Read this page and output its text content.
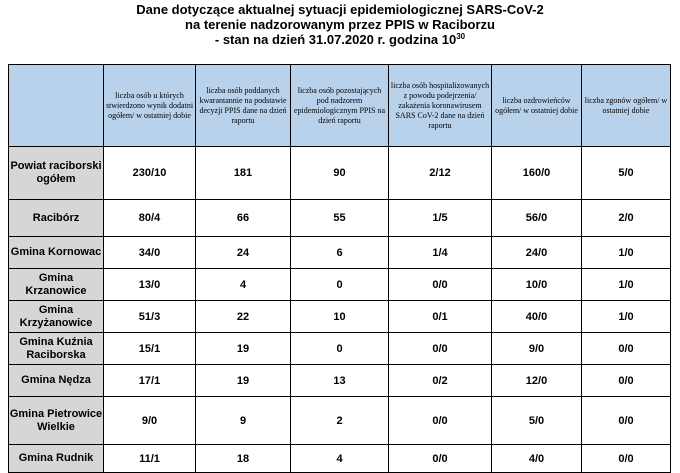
Dane dotyczące aktualnej sytuacji epidemiologicznej SARS-CoV-2
na terenie nadzorowanym przez PPIS w Raciborzu
- stan na dzień 31.07.2020 r. godzina $10^{30}$
	liczba osób u których stwierdzono wynik dodatni ogółem/ w ostatniej dobie	liczba osób poddanych kwarantannie na podstawie decyzji PPIS dane na dzień raportu	liczba osób pozostających pod nadzorem epidemiologicznym PPIS na dzień raportu	liczba osób hospitalizowanych z powodu podejrzenia/ zakażenia koronawirusem SARS CoV-2 dane na dzień raportu	liczba ozdrowieńców ogółem/ w ostatniej dobie	liczba zgonów ogółem/ w ostatniej dobie
Powiat raciborski ogółem	230/10	181	90	2/12	160/0	5/0
Racibórz	80/4	66	55	1/5	56/0	2/0
Gmina Kornowac	34/0	24	6	1/4	24/0	1/0
Gmina Krzanowice	13/0	4	0	0/0	10/0	1/0
Gmina Krzyżanowice	51/3	22	10	0/1	40/0	1/0
Gmina Kuźnia Raciborska	15/1	19	0	0/0	9/0	0/0
Gmina Nędza	17/1	19	13	0/2	12/0	0/0
Gmina Pietrowice Wielkie	9/0	9	2	0/0	5/0	0/0
Gmina Rudnik	11/1	18	4	0/0	4/0	0/0
